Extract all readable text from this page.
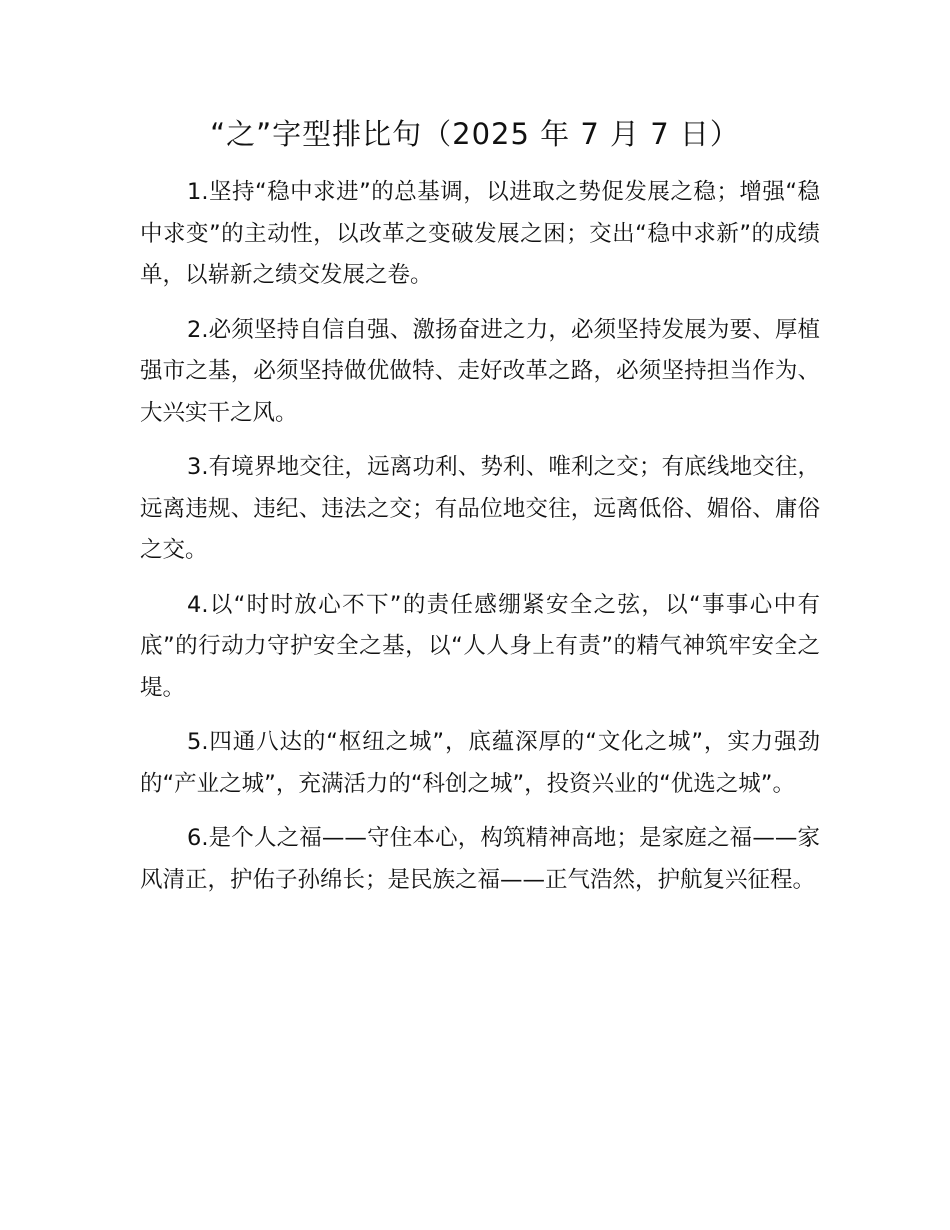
“之”字型排比句（2025 年 7 月 7 日）

1.坚持“稳中求进”的总基调，以进取之势促发展之稳；增强“稳中求变”的主动性，以改革之变破发展之困；交出“稳中求新”的成绩单，以崭新之绩交发展之卷。

2.必须坚持自信自强、激扬奋进之力，必须坚持发展为要、厚植强市之基，必须坚持做优做特、走好改革之路，必须坚持担当作为、大兴实干之风。

3.有境界地交往，远离功利、势利、唯利之交；有底线地交往，远离违规、违纪、违法之交；有品位地交往，远离低俗、媚俗、庸俗之交。

4.以“时时放心不下”的责任感绷紧安全之弦，以“事事心中有底”的行动力守护安全之基，以“人人身上有责”的精气神筑牢安全之堤。

5.四通八达的“枢纽之城”，底蕴深厚的“文化之城”，实力强劲的“产业之城”，充满活力的“科创之城”，投资兴业的“优选之城”。

6.是个人之福——守住本心，构筑精神高地；是家庭之福——家风清正，护佑子孙绵长；是民族之福——正气浩然，护航复兴征程。
